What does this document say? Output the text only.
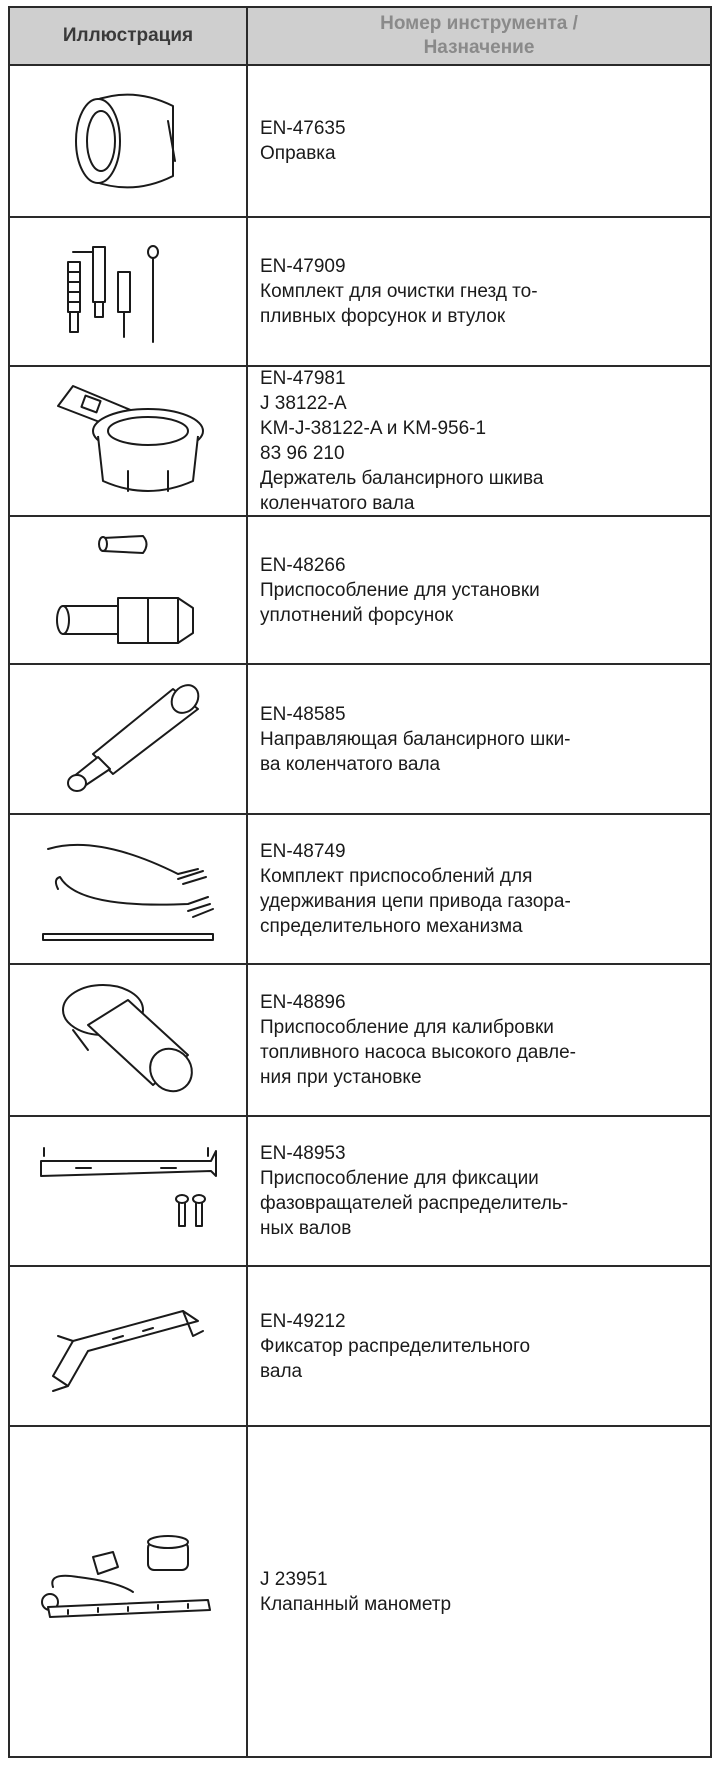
Иллюстрация
Номер инструмента /
Назначение
EN-47635
Оправка
EN-47909
Комплект для очистки гнезд то-
пливных форсунок и втулок
EN-47981
J 38122-A
KM-J-38122-A и KM-956-1
83 96 210
Держатель балансирного шкива
коленчатого вала
EN-48266
Приспособление для установки
уплотнений форсунок
EN-48585
Направляющая балансирного шки-
ва коленчатого вала
EN-48749
Комплект приспособлений для
удерживания цепи привода газора-
спределительного механизма
EN-48896
Приспособление для калибровки
топливного насоса высокого давле-
ния при установке
EN-48953
Приспособление для фиксации
фазовращателей распределитель-
ных валов
EN-49212
Фиксатор распределительного
вала
J 23951
Клапанный манометр
